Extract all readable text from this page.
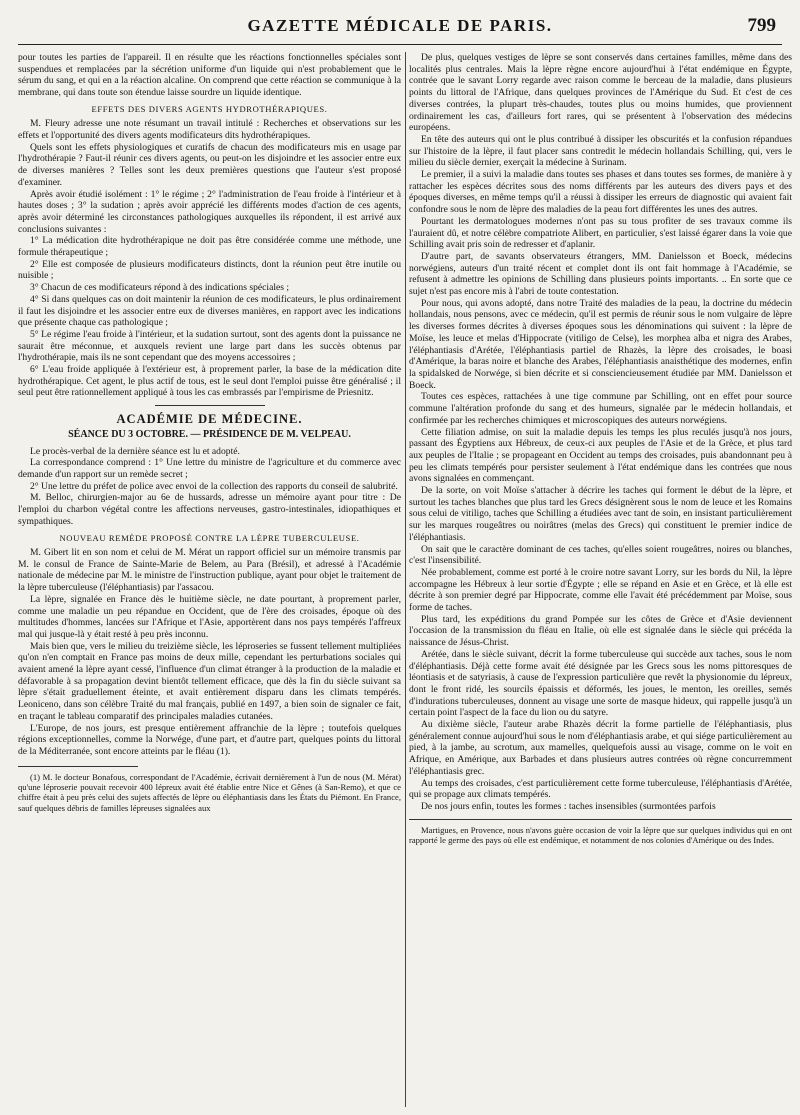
GAZETTE MÉDICALE DE PARIS.	799

pour toutes les parties de l'appareil. Il en résulte que les réactions fonctionnelles spéciales sont suspendues et remplacées par la sécrétion uniforme d'un liquide qui n'est probablement que le sérum du sang, et qui en a la réaction alcaline. On comprend que cette réaction se communique à la membrane, qui dans toute son étendue laisse sourdre un liquide identique.

EFFETS DES DIVERS AGENTS HYDROTHÉRAPIQUES.

M. Fleury adresse une note résumant un travail intitulé : Recherches et observations sur les effets et l'opportunité des divers agents modificateurs dits hydrothérapiques.

Quels sont les effets physiologiques et curatifs de chacun des modificateurs mis en usage par l'hydrothérapie ? Faut-il réunir ces divers agents, ou peut-on les disjoindre et les associer entre eux de diverses manières ? Telles sont les deux premières questions que l'auteur s'est proposé d'examiner.

Après avoir étudié isolément : 1° le régime ; 2° l'administration de l'eau froide à l'intérieur et à hautes doses ; 3° la sudation ; après avoir apprécié les différents modes d'action de ces agents, après avoir déterminé les circonstances pathologiques auxquelles ils répondent, il est arrivé aux conclusions suivantes :

1° La médication dite hydrothérapique ne doit pas être considérée comme une méthode, une formule thérapeutique ;

2° Elle est composée de plusieurs modificateurs distincts, dont la réunion peut être inutile ou nuisible ;

3° Chacun de ces modificateurs répond à des indications spéciales ;

4° Si dans quelques cas on doit maintenir la réunion de ces modificateurs, le plus ordinairement il faut les disjoindre et les associer entre eux de diverses manières, en rapport avec les indications que présente chaque cas pathologique ;

5° Le régime l'eau froide à l'intérieur, et la sudation surtout, sont des agents dont la puissance ne saurait être méconnue, et auxquels revient une large part dans les succès obtenus par l'hydrothérapie, mais ils ne sont cependant que des moyens accessoires ;

6° L'eau froide appliquée à l'extérieur est, à proprement parler, la base de la médication dite hydrothérapique. Cet agent, le plus actif de tous, est le seul dont l'emploi puisse être généralisé ; il seul peut être rationnellement appliqué à tous les cas embrassés par l'empirisme de Priesnitz.

ACADÉMIE DE MÉDECINE.
SÉANCE DU 3 OCTOBRE. — PRÉSIDENCE DE M. VELPEAU.

Le procès-verbal de la dernière séance est lu et adopté.

La correspondance comprend : 1° Une lettre du ministre de l'agriculture et du commerce avec demande d'un rapport sur un remède secret ;

2° Une lettre du préfet de police avec envoi de la collection des rapports du conseil de salubrité.

M. Belloc, chirurgien-major au 6e de hussards, adresse un mémoire ayant pour titre : De l'emploi du charbon végétal contre les affections nerveuses, gastro-intestinales, idiopathiques et sympathiques.

NOUVEAU REMÈDE PROPOSÉ CONTRE LA LÈPRE TUBERCULEUSE.

M. Gibert lit en son nom et celui de M. Mérat un rapport officiel sur un mémoire transmis par M. le consul de France de Sainte-Marie de Belem, au Para (Brésil), et adressé à l'Académie nationale de médecine par M. le ministre de l'instruction publique, ayant pour objet le traitement de la lèpre tuberculeuse (l'éléphantiasis) par l'assacou.

La lèpre, signalée en France dès le huitième siècle, ne date pourtant, à proprement parler, comme une maladie un peu répandue en Occident, que de l'ère des croisades, époque où des multitudes d'hommes, lancées sur l'Afrique et l'Asie, apportèrent dans nos pays tempérés l'affreux mal qui jusque-là y était resté à peu près inconnu.

Mais bien que, vers le milieu du treizième siècle, les léproseries se fussent tellement multipliées qu'on n'en comptait en France pas moins de deux mille, cependant les perturbations sociales qui avaient amené la lèpre ayant cessé, l'influence d'un climat étranger à la production de la maladie et défavorable à sa propagation devint bientôt tellement efficace, que dès la fin du siècle suivant sa lèpre s'était graduellement éteinte, et avait entièrement disparu dans les climats tempérés. Leoniceno, dans son célèbre Traité du mal français, publié en 1497, a bien soin de signaler ce fait, en traçant le tableau comparatif des principales maladies cutanées.

L'Europe, de nos jours, est presque entièrement affranchie de la lèpre ; toutefois quelques régions exceptionnelles, comme la Norwége, d'une part, et d'autre part, quelques points du littoral de la Méditerranée, sont encore atteints par le fléau (1).

(1) M. le docteur Bonafous, correspondant de l'Académie, écrivait dernièrement à l'un de nous (M. Mérat) qu'une léproserie pouvait recevoir 400 lépreux avait été établie entre Nice et Gênes (à San-Remo), et que ce chiffre était à peu près celui des sujets affectés de lèpre ou éléphantiasis dans les États du Piémont. En France, sauf quelques débris de familles lépreuses signalées aux

De plus, quelques vestiges de lèpre se sont conservés dans certaines familles, même dans des localités plus centrales. Mais la lèpre règne encore aujourd'hui à l'état endémique en Égypte, contrée que le savant Lorry regarde avec raison comme le berceau de la maladie, dans plusieurs points du littoral de l'Afrique, dans quelques provinces de l'Amérique du Sud. Et c'est de ces diverses contrées, la plupart très-chaudes, toutes plus ou moins humides, que proviennent ordinairement les cas, d'ailleurs fort rares, qui se présentent à l'observation des médecins européens.

En tête des auteurs qui ont le plus contribué à dissiper les obscurités et la confusion répandues sur l'histoire de la lèpre, il faut placer sans contredit le médecin hollandais Schilling, qui, vers le milieu du siècle dernier, exerçait la médecine à Surinam.

Le premier, il a suivi la maladie dans toutes ses phases et dans toutes ses formes, de manière à y rattacher les espèces décrites sous des noms différents par les auteurs des divers pays et des époques diverses, en même temps qu'il a réussi à dissiper les erreurs de diagnostic qui avaient fait confondre sous le nom de lèpre des maladies de la peau fort différentes les unes des autres.

Pourtant les dermatologues modernes n'ont pas su tous profiter de ses travaux comme ils l'auraient dû, et notre célèbre compatriote Alibert, en particulier, s'est laissé égarer dans la voie que Schilling avait pris soin de redresser et d'aplanir.

D'autre part, de savants observateurs étrangers, MM. Danielsson et Boeck, médecins norwégiens, auteurs d'un traité récent et complet dont ils ont fait hommage à l'Académie, se refusent à admettre les opinions de Schilling dans plusieurs points importants. .. En sorte que ce sujet n'est pas encore mis à l'abri de toute contestation.

Pour nous, qui avons adopté, dans notre Traité des maladies de la peau, la doctrine du médecin hollandais, nous pensons, avec ce médecin, qu'il est permis de réunir sous le nom vulgaire de lèpre les diverses formes décrites à diverses époques sous les dénominations qui suivent : la lèpre de Moïse, les leuce et melas d'Hippocrate (vitiligo de Celse), les morphea alba et nigra des Arabes, l'éléphantiasis d'Arétée, l'éléphantiasis partiel de Rhazès, la lèpre des croisades, le boasi d'Amérique, la baras noire et blanche des Arabes, l'éléphantiasis anaisthétique des modernes, enfin la spidalsked de Norwége, si bien décrite et si consciencieusement étudiée par MM. Danielsson et Boeck.

Toutes ces espèces, rattachées à une tige commune par Schilling, ont en effet pour source commune l'altération profonde du sang et des humeurs, signalée par le médecin hollandais, et confirmée par les recherches chimiques et microscopiques des auteurs norwégiens.

Cette filiation admise, on suit la maladie depuis les temps les plus reculés jusqu'à nos jours, passant des Égyptiens aux Hébreux, de ceux-ci aux peuples de l'Asie et de la Grèce, et plus tard aux peuples de l'Italie ; se propageant en Occident au temps des croisades, puis abandonnant peu à peu les climats tempérés pour persister seulement à l'état endémique dans les contrées que nous avons signalées en commençant.

De la sorte, on voit Moïse s'attacher à décrire les taches qui forment le début de la lèpre, et surtout les taches blanches que plus tard les Grecs désignèrent sous le nom de leuce et les Romains sous celui de vitiligo, taches que Schilling a étudiées avec tant de soin, en insistant particulièrement sur les marques rougeâtres ou noirâtres (melas des Grecs) qui constituent le premier indice de l'éléphantiasis.

On sait que le caractère dominant de ces taches, qu'elles soient rougeâtres, noires ou blanches, c'est l'insensibilité.

Née probablement, comme est porté à le croire notre savant Lorry, sur les bords du Nil, la lèpre accompagne les Hébreux à leur sortie d'Égypte ; elle se répand en Asie et en Grèce, et là elle est décrite à son premier degré par Hippocrate, comme elle l'avait été précédemment par Moïse, sous forme de taches.

Plus tard, les expéditions du grand Pompée sur les côtes de Grèce et d'Asie deviennent l'occasion de la transmission du fléau en Italie, où elle est signalée dans le siècle qui précéda la naissance de Jésus-Christ.

Arétée, dans le siècle suivant, décrit la forme tuberculeuse qui succède aux taches, sous le nom d'éléphantiasis. Déjà cette forme avait été désignée par les Grecs sous les noms pittoresques de léontiasis et de satyriasis, à cause de l'expression particulière que revêt la physionomie du lépreux, dont le front ridé, les sourcils épaissis et déformés, les joues, le menton, les oreilles, semés d'indurations tuberculeuses, donnent au visage une sorte de masque hideux, qui rappelle jusqu'à un certain point l'aspect de la face du lion ou du satyre.

Au dixième siècle, l'auteur arabe Rhazès décrit la forme partielle de l'éléphantiasis, plus généralement connue aujourd'hui sous le nom d'éléphantiasis arabe, et qui siége particulièrement au pied, à la jambe, au scrotum, aux mamelles, quelquefois aussi au visage, comme on le voit en Afrique, en Amérique, aux Barbades et dans plusieurs autres contrées où règne concurremment l'éléphantiasis grec.

Au temps des croisades, c'est particulièrement cette forme tuberculeuse, l'éléphantiasis d'Arétée, qui se propage aux climats tempérés.

De nos jours enfin, toutes les formes : taches insensibles (surmontées parfois

Martigues, en Provence, nous n'avons guère occasion de voir la lèpre que sur quelques individus qui en ont rapporté le germe des pays où elle est endémique, et notamment de nos colonies d'Amérique ou des Indes.
